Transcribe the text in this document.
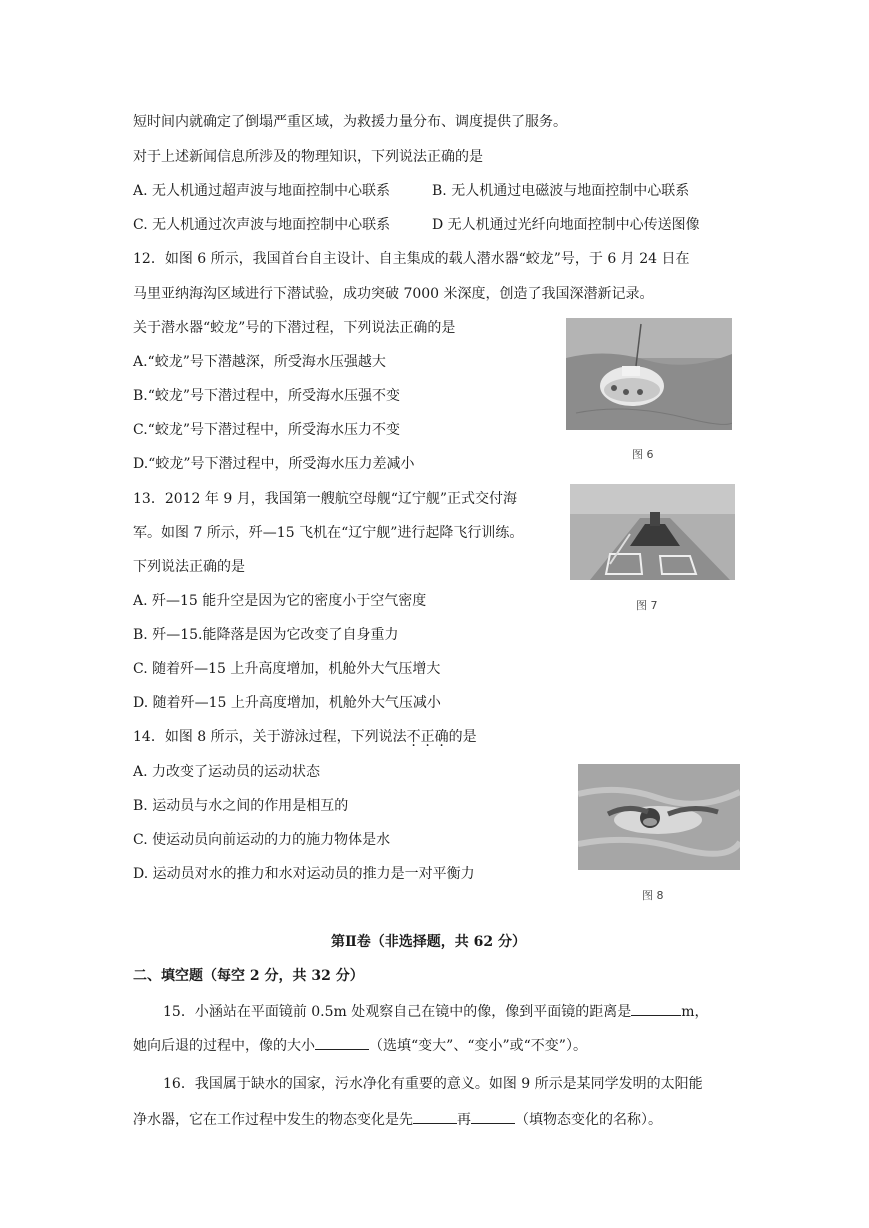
短时间内就确定了倒塌严重区域，为救援力量分布、调度提供了服务。
对于上述新闻信息所涉及的物理知识，下列说法正确的是
A. 无人机通过超声波与地面控制中心联系	B. 无人机通过电磁波与地面控制中心联系
C. 无人机通过次声波与地面控制中心联系	D 无人机通过光纤向地面控制中心传送图像
12．如图 6 所示，我国首台自主设计、自主集成的载人潜水器“蛟龙”号，于 6 月 24 日在
马里亚纳海沟区域进行下潜试验，成功突破 7000 米深度，创造了我国深潜新记录。
关于潜水器“蛟龙”号的下潜过程，下列说法正确的是
A.“蛟龙”号下潜越深，所受海水压强越大
B.“蛟龙”号下潜过程中，所受海水压强不变
C.“蛟龙”号下潜过程中，所受海水压力不变
D.“蛟龙”号下潜过程中，所受海水压力差减小
图 6
13．2012 年 9 月，我国第一艘航空母舰“辽宁舰”正式交付海
军。如图 7 所示，歼—15 飞机在“辽宁舰”进行起降飞行训练。
下列说法正确的是
A. 歼—15 能升空是因为它的密度小于空气密度
B. 歼—15.能降落是因为它改变了自身重力
C. 随着歼—15 上升高度增加，机舱外大气压增大
D. 随着歼—15 上升高度增加，机舱外大气压减小
图 7
14．如图 8 所示，关于游泳过程，下列说法不正确的是
A. 力改变了运动员的运动状态
B. 运动员与水之间的作用是相互的
C. 使运动员向前运动的力的施力物体是水
D. 运动员对水的推力和水对运动员的推力是一对平衡力
图 8
第Ⅱ卷（非选择题，共 62 分）
二、填空题（每空 2 分，共 32 分）
15．小涵站在平面镜前 0.5m 处观察自己在镜中的像，像到平面镜的距离是	m，
她向后退的过程中，像的大小	（选填“变大”、“变小”或“不变”）。
16．我国属于缺水的国家，污水净化有重要的意义。如图 9 所示是某同学发明的太阳能
净水器，它在工作过程中发生的物态变化是先	再	（填物态变化的名称）。
